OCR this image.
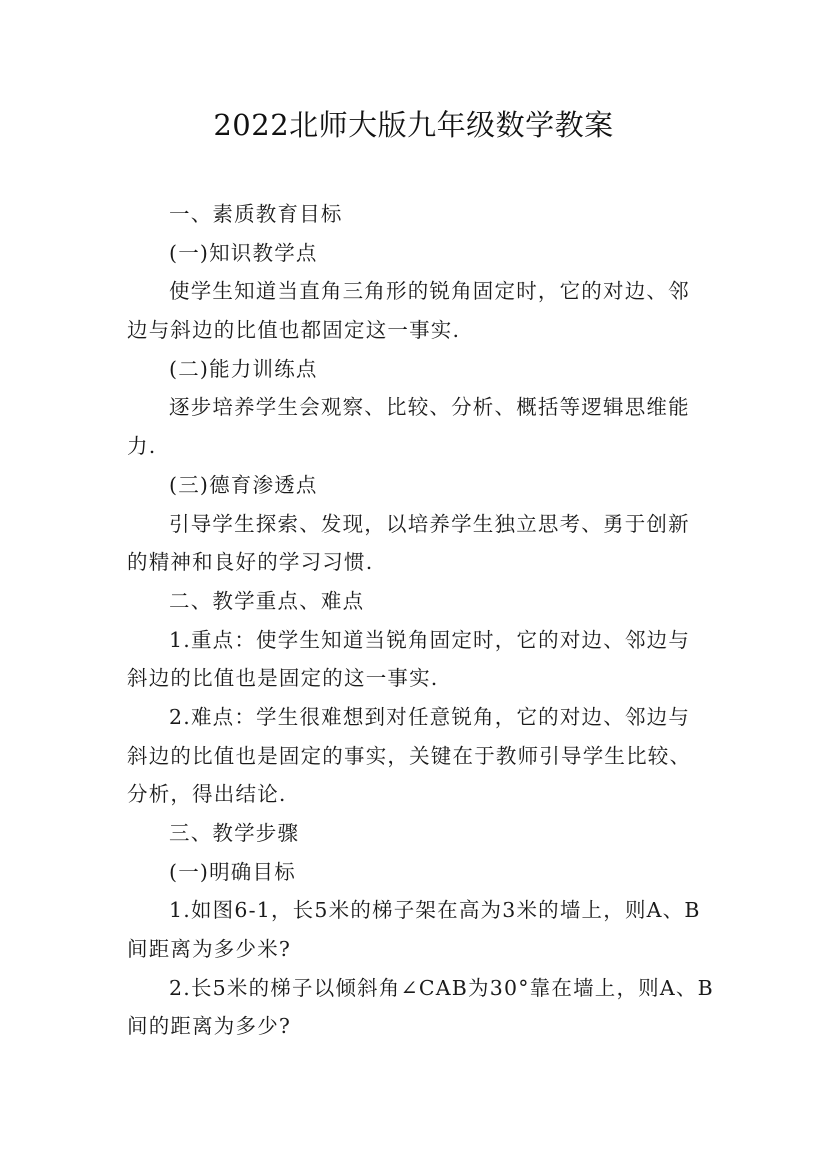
2022北师大版九年级数学教案
一、素质教育目标
(一)知识教学点
使学生知道当直角三角形的锐角固定时，它的对边、邻
边与斜边的比值也都固定这一事实.
(二)能力训练点
逐步培养学生会观察、比较、分析、概括等逻辑思维能
力.
(三)德育渗透点
引导学生探索、发现，以培养学生独立思考、勇于创新
的精神和良好的学习习惯.
二、教学重点、难点
1.重点：使学生知道当锐角固定时，它的对边、邻边与
斜边的比值也是固定的这一事实.
2.难点：学生很难想到对任意锐角，它的对边、邻边与
斜边的比值也是固定的事实，关键在于教师引导学生比较、
分析，得出结论.
三、教学步骤
(一)明确目标
1.如图6-1，长5米的梯子架在高为3米的墙上，则A、B
间距离为多少米?
2.长5米的梯子以倾斜角∠CAB为30°靠在墙上，则A、B
间的距离为多少?
